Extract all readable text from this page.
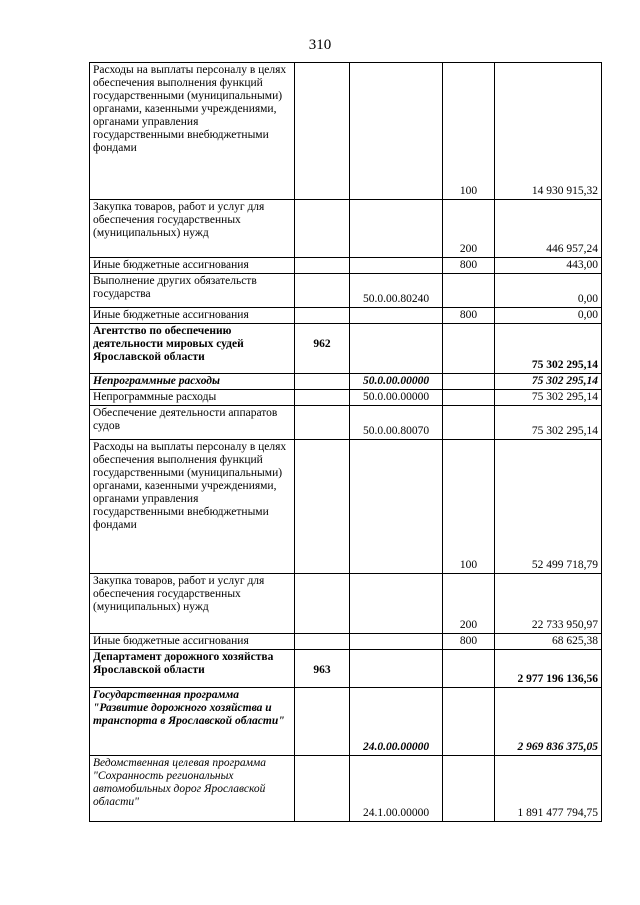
310
Расходы на выплаты персоналу в целях обеспечения выполнения функций государственными (муниципальными) органами, казенными учреждениями, органами управления государственными внебюджетными фондами			100	14 930 915,32
Закупка товаров, работ и услуг для обеспечения государственных (муниципальных) нужд			200	446 957,24
Иные бюджетные ассигнования			800	443,00
Выполнение других обязательств государства		50.0.00.80240		0,00
Иные бюджетные ассигнования			800	0,00
Агентство по обеспечению деятельности мировых судей Ярославской области	962			75 302 295,14
Непрограммные расходы		50.0.00.00000		75 302 295,14
Непрограммные расходы		50.0.00.00000		75 302 295,14
Обеспечение деятельности аппаратов судов		50.0.00.80070		75 302 295,14
Расходы на выплаты персоналу в целях обеспечения выполнения функций государственными (муниципальными) органами, казенными учреждениями, органами управления государственными внебюджетными фондами			100	52 499 718,79
Закупка товаров, работ и услуг для обеспечения государственных (муниципальных) нужд			200	22 733 950,97
Иные бюджетные ассигнования			800	68 625,38
Департамент дорожного хозяйства Ярославской области	963			2 977 196 136,56
Государственная программа "Развитие дорожного хозяйства и транспорта в Ярославской области"		24.0.00.00000		2 969 836 375,05
Ведомственная целевая программа "Сохранность региональных автомобильных дорог Ярославской области"		24.1.00.00000		1 891 477 794,75
